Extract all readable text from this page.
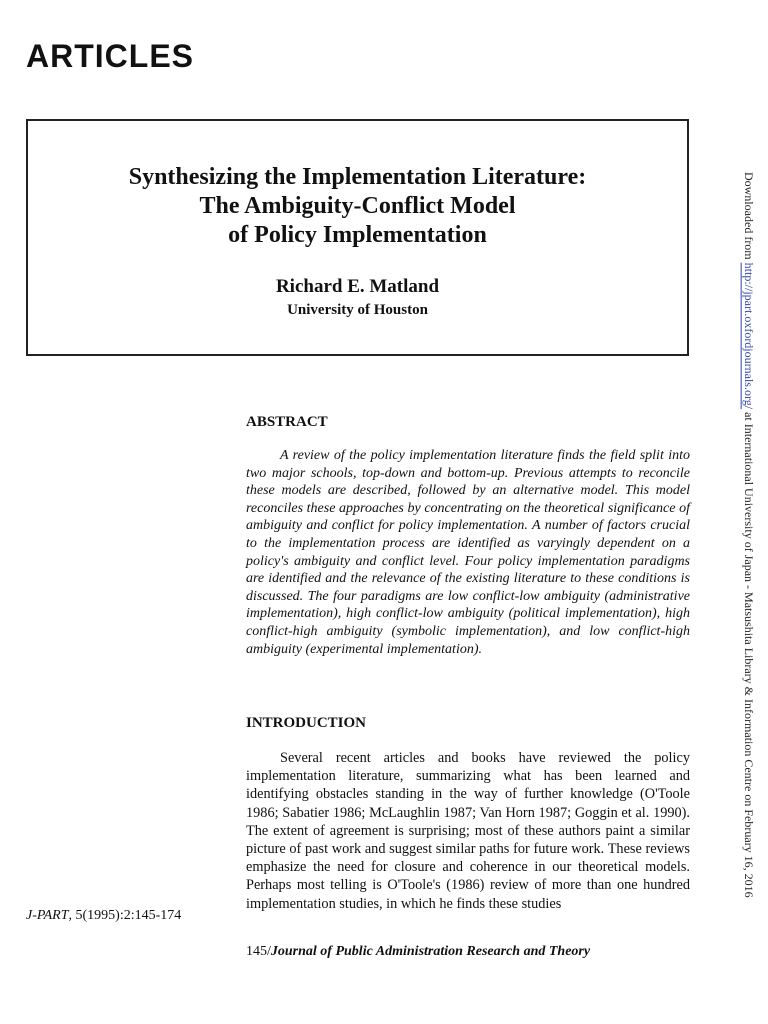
ARTICLES
Synthesizing the Implementation Literature:
The Ambiguity-Conflict Model
of Policy Implementation
Richard E. Matland
University of Houston
Downloaded from http://jpart.oxfordjournals.org/ at International University of Japan - Matsushita Library & Information Centre on February 16, 2016
ABSTRACT

A review of the policy implementation literature finds the field split into two major schools, top-down and bottom-up. Previous attempts to reconcile these models are described, followed by an alternative model. This model reconciles these approaches by concentrating on the theoretical significance of ambiguity and conflict for policy implementation. A number of factors crucial to the implementation process are identified as varyingly dependent on a policy's ambiguity and conflict level. Four policy implementation paradigms are identified and the relevance of the existing literature to these conditions is discussed. The four paradigms are low conflict-low ambiguity (administrative implementation), high conflict-low ambiguity (political implementation), high conflict-high ambiguity (symbolic implementation), and low conflict-high ambiguity (experimental implementation).

INTRODUCTION

Several recent articles and books have reviewed the policy implementation literature, summarizing what has been learned and identifying obstacles standing in the way of further knowledge (O'Toole 1986; Sabatier 1986; McLaughlin 1987; Van Horn 1987; Goggin et al. 1990). The extent of agreement is surprising; most of these authors paint a similar picture of past work and suggest similar paths for future work. These reviews emphasize the need for closure and coherence in our theoretical models. Perhaps most telling is O'Toole's (1986) review of more than one hundred implementation studies, in which he finds these studies

J-PART, 5(1995):2:145-174
145/Journal of Public Administration Research and Theory
